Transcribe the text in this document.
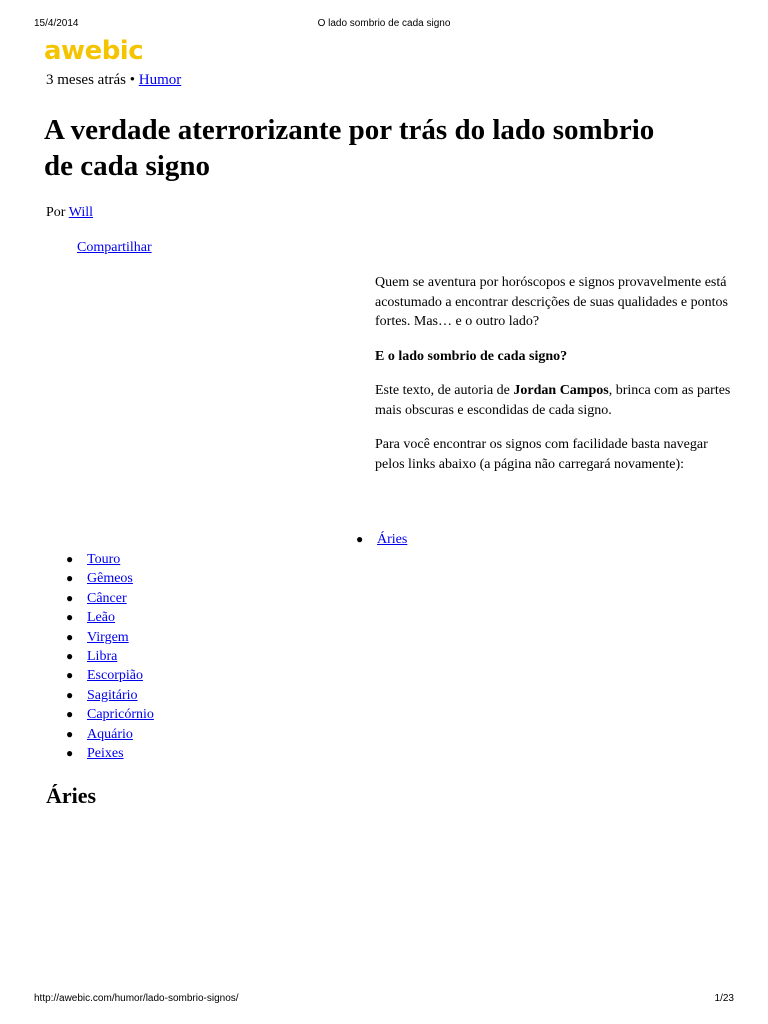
15/4/2014	O lado sombrio de cada signo
awebic
3 meses atrás • Humor
A verdade aterrorizante por trás do lado sombrio de cada signo
Por Will
Compartilhar

Quem se aventura por horóscopos e signos provavelmente está acostumado a encontrar descrições de suas qualidades e pontos fortes. Mas… e o outro lado?

E o lado sombrio de cada signo?

Este texto, de autoria de Jordan Campos, brinca com as partes mais obscuras e escondidas de cada signo.

Para você encontrar os signos com facilidade basta navegar pelos links abaixo (a página não carregará novamente):

● Áries
● Touro
● Gêmeos
● Câncer
● Leão
● Virgem
● Libra
● Escorpião
● Sagitário
● Capricórnio
● Aquário
● Peixes
Áries
http://awebic.com/humor/lado-sombrio-signos/	1/23
